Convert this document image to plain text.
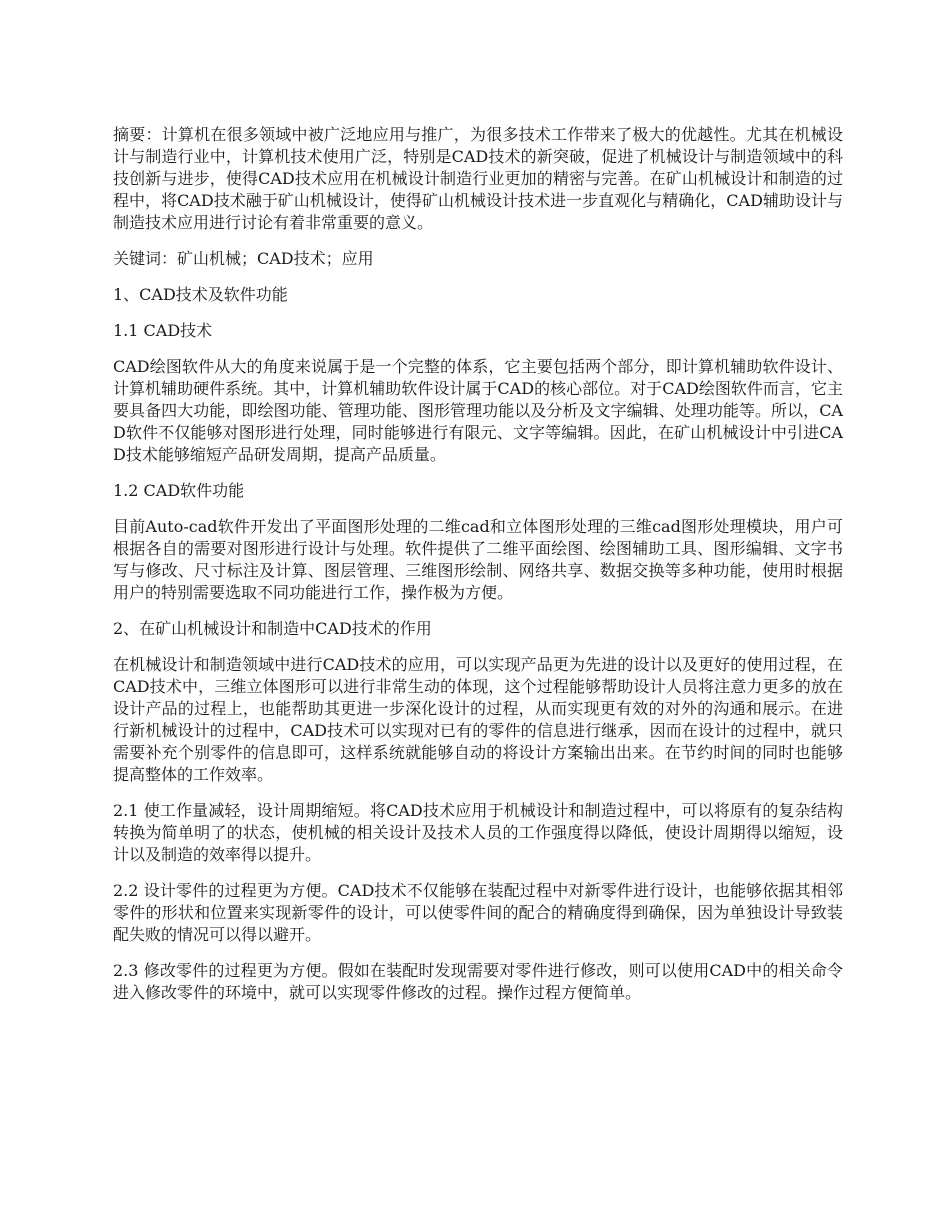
摘要：计算机在很多领域中被广泛地应用与推广，为很多技术工作带来了极大的优越性。尤其在机械设计与制造行业中，计算机技术使用广泛，特别是CAD技术的新突破，促进了机械设计与制造领域中的科技创新与进步，使得CAD技术应用在机械设计制造行业更加的精密与完善。在矿山机械设计和制造的过程中，将CAD技术融于矿山机械设计，使得矿山机械设计技术进一步直观化与精确化，CAD辅助设计与制造技术应用进行讨论有着非常重要的意义。

关键词：矿山机械；CAD技术；应用

1、CAD技术及软件功能

1.1 CAD技术

CAD绘图软件从大的角度来说属于是一个完整的体系，它主要包括两个部分，即计算机辅助软件设计、计算机辅助硬件系统。其中，计算机辅助软件设计属于CAD的核心部位。对于CAD绘图软件而言，它主要具备四大功能，即绘图功能、管理功能、图形管理功能以及分析及文字编辑、处理功能等。所以，CAD软件不仅能够对图形进行处理，同时能够进行有限元、文字等编辑。因此，在矿山机械设计中引进CAD技术能够缩短产品研发周期，提高产品质量。

1.2 CAD软件功能

目前Auto-cad软件开发出了平面图形处理的二维cad和立体图形处理的三维cad图形处理模块，用户可根据各自的需要对图形进行设计与处理。软件提供了二维平面绘图、绘图辅助工具、图形编辑、文字书写与修改、尺寸标注及计算、图层管理、三维图形绘制、网络共享、数据交换等多种功能，使用时根据用户的特别需要选取不同功能进行工作，操作极为方便。

2、在矿山机械设计和制造中CAD技术的作用

在机械设计和制造领域中进行CAD技术的应用，可以实现产品更为先进的设计以及更好的使用过程，在CAD技术中，三维立体图形可以进行非常生动的体现，这个过程能够帮助设计人员将注意力更多的放在设计产品的过程上，也能帮助其更进一步深化设计的过程，从而实现更有效的对外的沟通和展示。在进行新机械设计的过程中，CAD技术可以实现对已有的零件的信息进行继承，因而在设计的过程中，就只需要补充个别零件的信息即可，这样系统就能够自动的将设计方案输出出来。在节约时间的同时也能够提高整体的工作效率。

2.1 使工作量减轻，设计周期缩短。将CAD技术应用于机械设计和制造过程中，可以将原有的复杂结构转换为简单明了的状态，使机械的相关设计及技术人员的工作强度得以降低，使设计周期得以缩短，设计以及制造的效率得以提升。

2.2 设计零件的过程更为方便。CAD技术不仅能够在装配过程中对新零件进行设计，也能够依据其相邻零件的形状和位置来实现新零件的设计，可以使零件间的配合的精确度得到确保，因为单独设计导致装配失败的情况可以得以避开。

2.3 修改零件的过程更为方便。假如在装配时发现需要对零件进行修改，则可以使用CAD中的相关命令进入修改零件的环境中，就可以实现零件修改的过程。操作过程方便简单。
